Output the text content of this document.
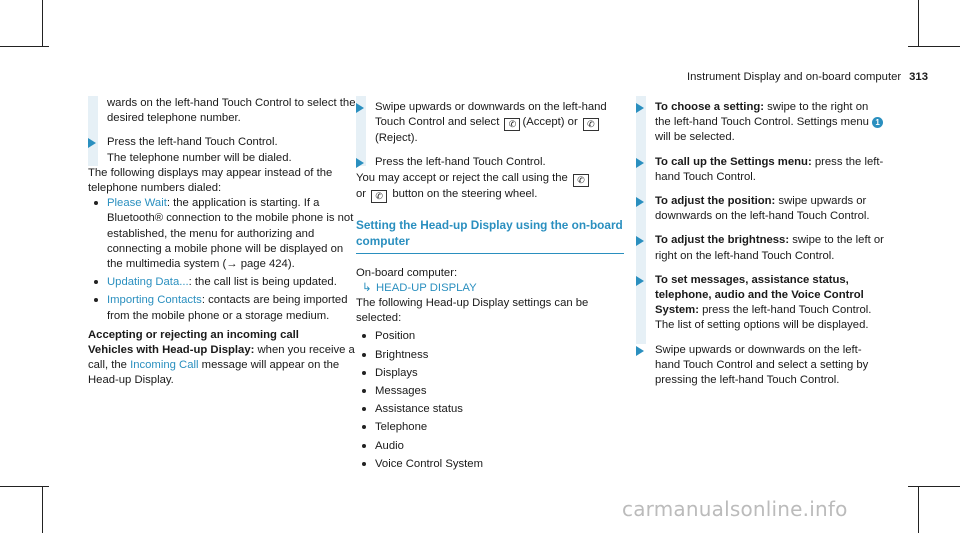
Instrument Display and on-board computer 313
wards on the left-hand Touch Control to select the desired telephone number.
Press the left-hand Touch Control.
The telephone number will be dialed.
The following displays may appear instead of the telephone numbers dialed:
Please Wait: the application is starting. If a Bluetooth® connection to the mobile phone is not established, the menu for authorizing and connecting a mobile phone will be displayed on the multimedia system (→ page 424).
Updating Data...: the call list is being updated.
Importing Contacts: contacts are being imported from the mobile phone or a storage medium.
Accepting or rejecting an incoming call
Vehicles with Head-up Display: when you receive a call, the Incoming Call message will appear on the Head-up Display.
Swipe upwards or downwards on the left-hand Touch Control and select ✆ (Accept) or ✆(Reject).
Press the left-hand Touch Control.
You may accept or reject the call using the ✆
or ✆ button on the steering wheel.
Setting the Head-up Display using the on-board computer
On-board computer:
↳ HEAD-UP DISPLAY
The following Head-up Display settings can be selected:
Position
Brightness
Displays
Messages
Assistance status
Telephone
Audio
Voice Control System
To choose a setting: swipe to the right on the left-hand Touch Control. Settings menu 1 will be selected.
To call up the Settings menu: press the left-hand Touch Control.
To adjust the position: swipe upwards or downwards on the left-hand Touch Control.
To adjust the brightness: swipe to the left or right on the left-hand Touch Control.
To set messages, assistance status, telephone, audio and the Voice Control System: press the left-hand Touch Control. The list of setting options will be displayed.
Swipe upwards or downwards on the left-hand Touch Control and select a setting by pressing the left-hand Touch Control.
carmanualsonline.info
